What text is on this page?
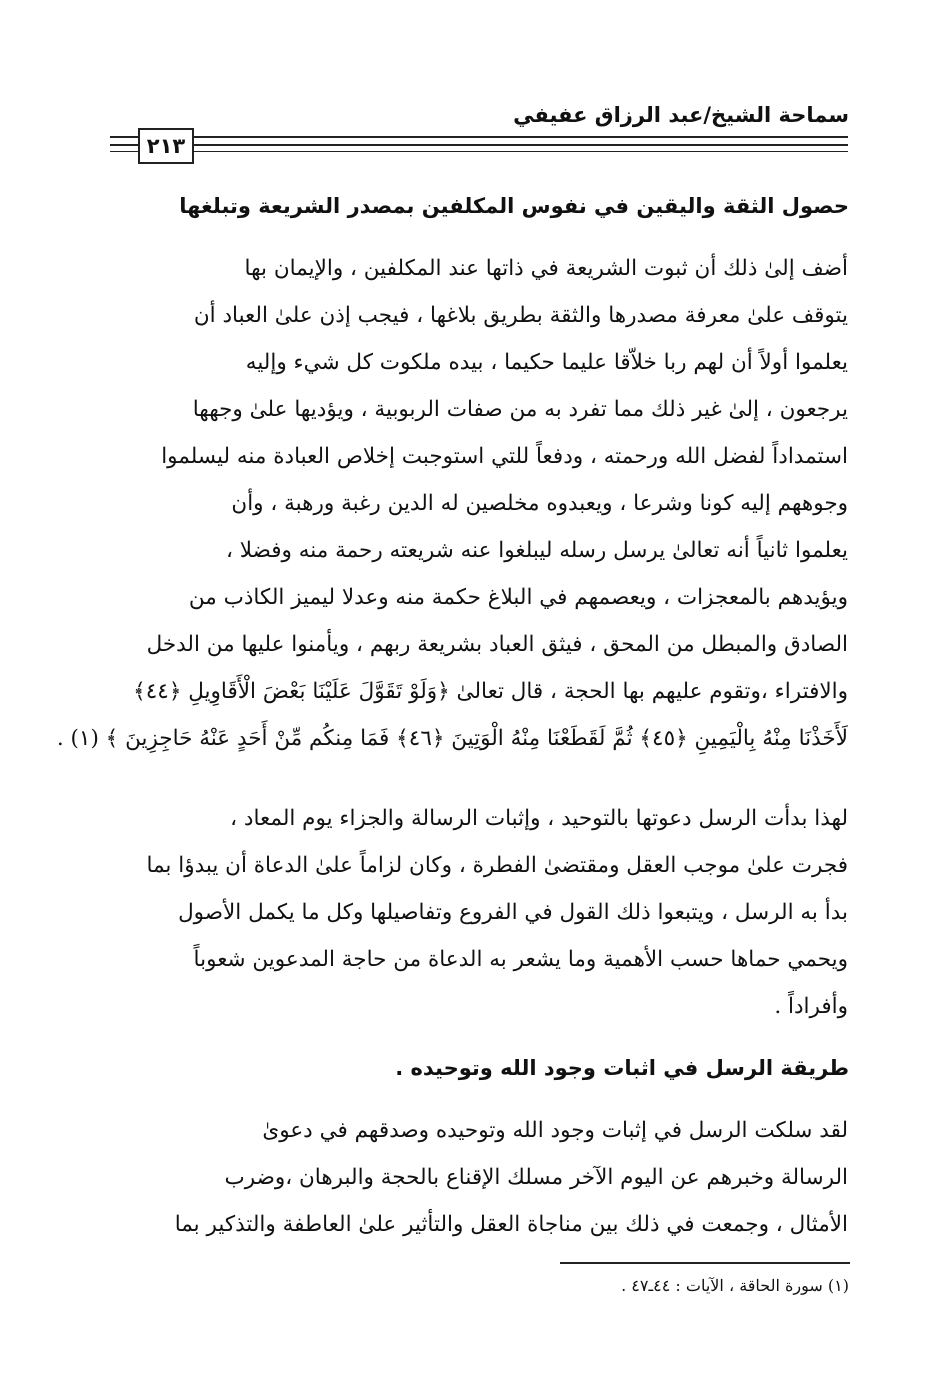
سماحة الشيخ/عبد الرزاق عفيفي
٢١٣
حصول الثقة واليقين في نفوس المكلفين بمصدر الشريعة وتبلغها
أضف إلىٰ ذلك أن ثبوت الشريعة في ذاتها عند المكلفين ، والإيمان بها
يتوقف علىٰ معرفة مصدرها والثقة بطريق بلاغها ، فيجب إذن علىٰ العباد أن
يعلموا أولاً أن لهم ربا خلاّقا عليما حكيما ، بيده ملكوت كل شيء وإليه
يرجعون ، إلىٰ غير ذلك مما تفرد به من صفات الربوبية ، ويؤديها علىٰ وجهها
استمداداً لفضل الله ورحمته ، ودفعاً للتي استوجبت إخلاص العبادة منه ليسلموا
وجوههم إليه كونا وشرعا ، ويعبدوه مخلصين له الدين رغبة ورهبة ، وأن
يعلموا ثانياً أنه تعالىٰ يرسل رسله ليبلغوا عنه شريعته رحمة منه وفضلا ،
ويؤيدهم بالمعجزات ، ويعصمهم في البلاغ حكمة منه وعدلا ليميز الكاذب من
الصادق والمبطل من المحق ، فيثق العباد بشريعة ربهم ، ويأمنوا عليها من الدخل
والافتراء ،وتقوم عليهم بها الحجة ، قال تعالىٰ ﴿وَلَوْ تَقَوَّلَ عَلَيْنَا بَعْضَ الْأَقَاوِيلِ ﴿٤٤﴾
لَأَخَذْنَا مِنْهُ بِالْيَمِينِ ﴿٤٥﴾ ثُمَّ لَقَطَعْنَا مِنْهُ الْوَتِينَ ﴿٤٦﴾ فَمَا مِنكُم مِّنْ أَحَدٍ عَنْهُ حَاجِزِينَ ﴾ (١) .
لهذا بدأت الرسل دعوتها بالتوحيد ، وإثبات الرسالة والجزاء يوم المعاد ،
فجرت علىٰ موجب العقل ومقتضىٰ الفطرة ، وكان لزاماً علىٰ الدعاة أن يبدؤا بما
بدأ به الرسل ، ويتبعوا ذلك القول في الفروع وتفاصيلها وكل ما يكمل الأصول
ويحمي حماها حسب الأهمية وما يشعر به الدعاة من حاجة المدعوين شعوباً
وأفراداً .
طريقة الرسل في اثبات وجود الله وتوحيده .
لقد سلكت الرسل في إثبات وجود الله وتوحيده وصدقهم في دعوىٰ
الرسالة وخبرهم عن اليوم الآخر مسلك الإقناع بالحجة والبرهان ،وضرب
الأمثال ، وجمعت في ذلك بين مناجاة العقل والتأثير علىٰ العاطفة والتذكير بما
(١) سورة الحاقة ، الآيات : ٤٤ـ٤٧ .
